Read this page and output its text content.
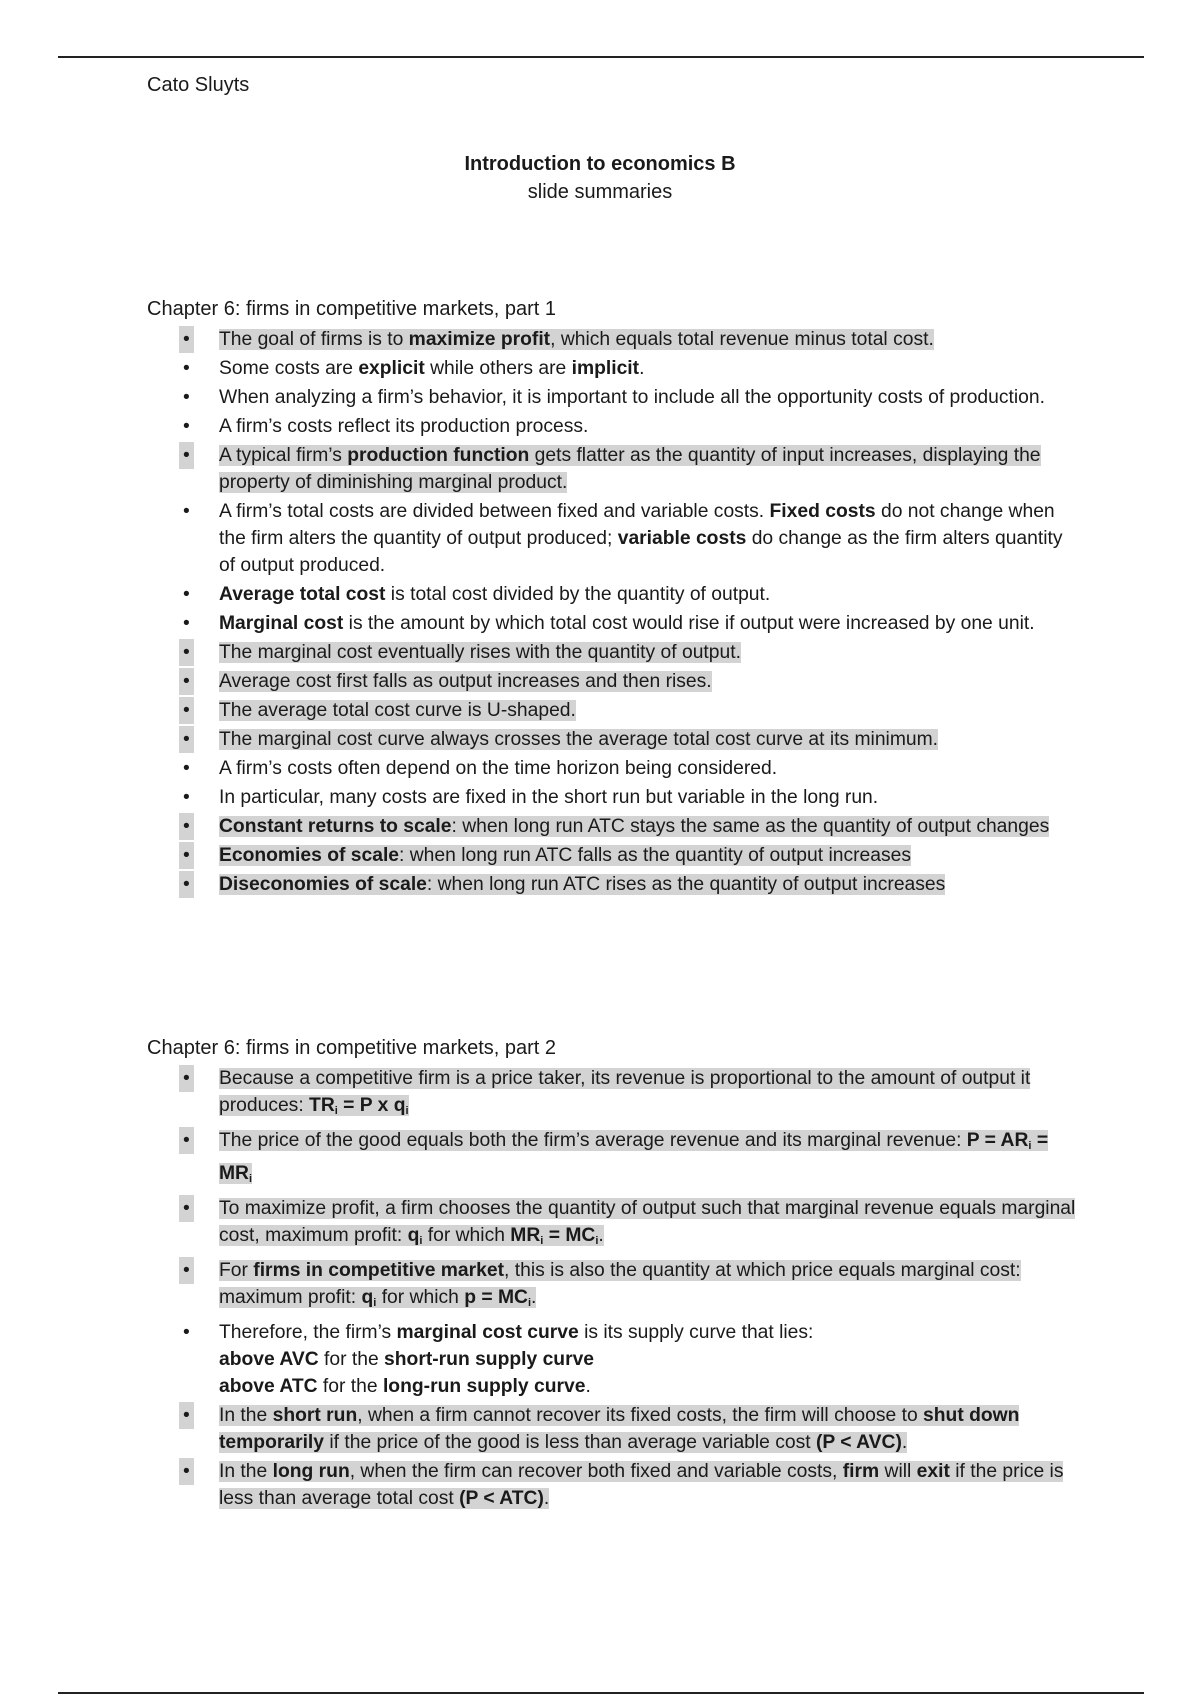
Cato Sluyts
Introduction to economics B
slide summaries
Chapter 6: firms in competitive markets, part 1
• The goal of firms is to maximize profit, which equals total revenue minus total cost.
• Some costs are explicit while others are implicit.
• When analyzing a firm’s behavior, it is important to include all the opportunity costs of production.
• A firm’s costs reflect its production process.
• A typical firm’s production function gets flatter as the quantity of input increases, displaying the property of diminishing marginal product.
• A firm’s total costs are divided between fixed and variable costs. Fixed costs do not change when the firm alters the quantity of output produced; variable costs do change as the firm alters quantity of output produced.
• Average total cost is total cost divided by the quantity of output.
• Marginal cost is the amount by which total cost would rise if output were increased by one unit.
• The marginal cost eventually rises with the quantity of output.
• Average cost first falls as output increases and then rises.
• The average total cost curve is U-shaped.
• The marginal cost curve always crosses the average total cost curve at its minimum.
• A firm’s costs often depend on the time horizon being considered.
• In particular, many costs are fixed in the short run but variable in the long run.
• Constant returns to scale: when long run ATC stays the same as the quantity of output changes
• Economies of scale: when long run ATC falls as the quantity of output increases
• Diseconomies of scale: when long run ATC rises as the quantity of output increases
Chapter 6: firms in competitive markets, part 2
• Because a competitive firm is a price taker, its revenue is proportional to the amount of output it produces: $TR_i = P$ x $q_i$
• The price of the good equals both the firm’s average revenue and its marginal revenue: $P = AR_i = MR_i$
• To maximize profit, a firm chooses the quantity of output such that marginal revenue equals marginal cost, maximum profit: $q_i$ for which $MR_i = MC_i$.
• For firms in competitive market, this is also the quantity at which price equals marginal cost: maximum profit: $q_i$ for which $p = MC_i$.
• Therefore, the firm’s marginal cost curve is its supply curve that lies:
above AVC for the short-run supply curve
above ATC for the long-run supply curve.
• In the short run, when a firm cannot recover its fixed costs, the firm will choose to shut down temporarily if the price of the good is less than average variable cost (P < AVC).
• In the long run, when the firm can recover both fixed and variable costs, firm will exit if the price is less than average total cost (P < ATC).
